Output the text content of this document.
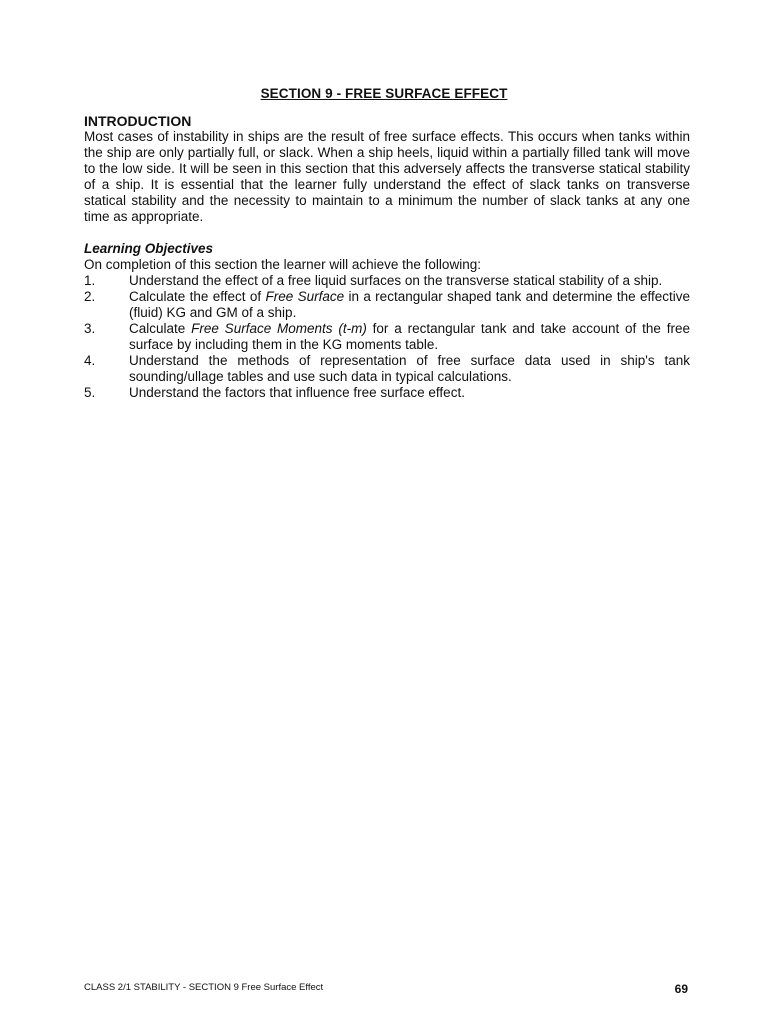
SECTION 9 - FREE SURFACE EFFECT

INTRODUCTION

Most cases of instability in ships are the result of free surface effects. This occurs when tanks within the ship are only partially full, or slack. When a ship heels, liquid within a partially filled tank will move to the low side. It will be seen in this section that this adversely affects the transverse statical stability of a ship. It is essential that the learner fully understand the effect of slack tanks on transverse statical stability and the necessity to maintain to a minimum the number of slack tanks at any one time as appropriate.

Learning Objectives

On completion of this section the learner will achieve the following:

1.	Understand the effect of a free liquid surfaces on the transverse statical stability of a ship.
2.	Calculate the effect of Free Surface in a rectangular shaped tank and determine the effective (fluid) KG and GM of a ship.
3.	Calculate Free Surface Moments (t-m) for a rectangular tank and take account of the free surface by including them in the KG moments table.
4.	Understand the methods of representation of free surface data used in ship's tank sounding/ullage tables and use such data in typical calculations.
5.	Understand the factors that influence free surface effect.
CLASS 2/1 STABILITY - SECTION 9 Free Surface Effect	69
